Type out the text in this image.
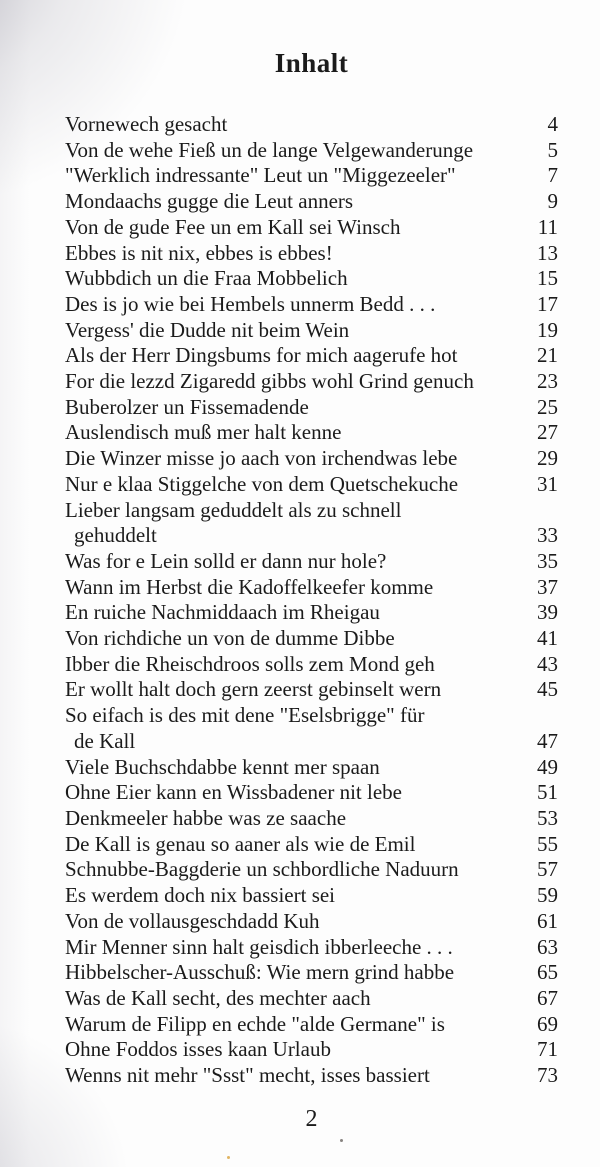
Inhalt
Vornewech gesacht	4
Von de wehe Fieß un de lange Velgewanderunge	5
"Werklich indressante" Leut un "Miggezeeler"	7
Mondaachs gugge die Leut anners	9
Von de gude Fee un em Kall sei Winsch	11
Ebbes is nit nix, ebbes is ebbes!	13
Wubbdich un die Fraa Mobbelich	15
Des is jo wie bei Hembels unnerm Bedd . . .	17
Vergess' die Dudde nit beim Wein	19
Als der Herr Dingsbums for mich aagerufe hot	21
For die lezzd Zigaredd gibbs wohl Grind genuch	23
Buberolzer un Fissemadende	25
Auslendisch muß mer halt kenne	27
Die Winzer misse jo aach von irchendwas lebe	29
Nur e klaa Stiggelche von dem Quetschekuche	31
Lieber langsam geduddelt als zu schnell
gehuddelt	33
Was for e Lein solld er dann nur hole?	35
Wann im Herbst die Kadoffelkeefer komme	37
En ruiche Nachmiddaach im Rheigau	39
Von richdiche un von de dumme Dibbe	41
Ibber die Rheischdroos solls zem Mond geh	43
Er wollt halt doch gern zeerst gebinselt wern	45
So eifach is des mit dene "Eselsbrigge" für
de Kall	47
Viele Buchschdabbe kennt mer spaan	49
Ohne Eier kann en Wissbadener nit lebe	51
Denkmeeler habbe was ze saache	53
De Kall is genau so aaner als wie de Emil	55
Schnubbe-Baggderie un schbordliche Naduurn	57
Es werdem doch nix bassiert sei	59
Von de vollausgeschdadd Kuh	61
Mir Menner sinn halt geisdich ibberleeche . . .	63
Hibbelscher-Ausschuß: Wie mern grind habbe	65
Was de Kall secht, des mechter aach	67
Warum de Filipp en echde "alde Germane" is	69
Ohne Foddos isses kaan Urlaub	71
Wenns nit mehr "Ssst" mecht, isses bassiert	73
2
